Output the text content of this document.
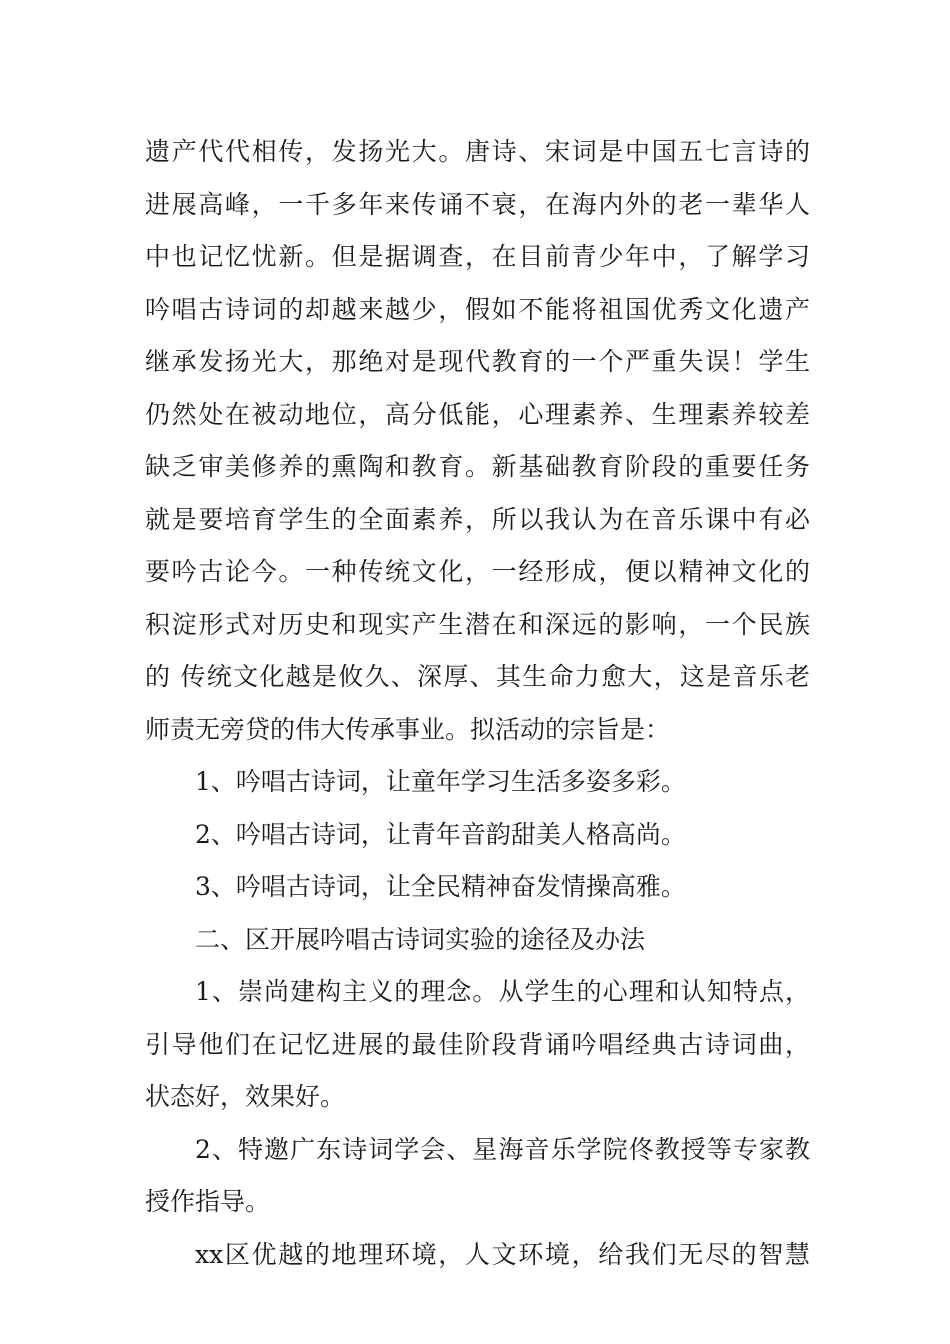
遗产代代相传，发扬光大。唐诗、宋词是中国五七言诗的
进展高峰，一千多年来传诵不衰，在海内外的老一辈华人
中也记忆忧新。但是据调查，在目前青少年中，了解学习
吟唱古诗词的却越来越少，假如不能将祖国优秀文化遗产
继承发扬光大，那绝对是现代教育的一个严重失误！学生
仍然处在被动地位，高分低能，心理素养、生理素养较差
缺乏审美修养的熏陶和教育。新基础教育阶段的重要任务
就是要培育学生的全面素养，所以我认为在音乐课中有必
要吟古论今。一种传统文化，一经形成，便以精神文化的
积淀形式对历史和现实产生潜在和深远的影响，一个民族
的 传统文化越是攸久、深厚、其生命力愈大，这是音乐老
师责无旁贷的伟大传承事业。拟活动的宗旨是：
1、吟唱古诗词，让童年学习生活多姿多彩。
2、吟唱古诗词，让青年音韵甜美人格高尚。
3、吟唱古诗词，让全民精神奋发情操高雅。
二、区开展吟唱古诗词实验的途径及办法
1、崇尚建构主义的理念。从学生的心理和认知特点，
引导他们在记忆进展的最佳阶段背诵吟唱经典古诗词曲，
状态好，效果好。
2、特邀广东诗词学会、星海音乐学院佟教授等专家教
授作指导。
xx区优越的地理环境，人文环境，给我们无尽的智慧
